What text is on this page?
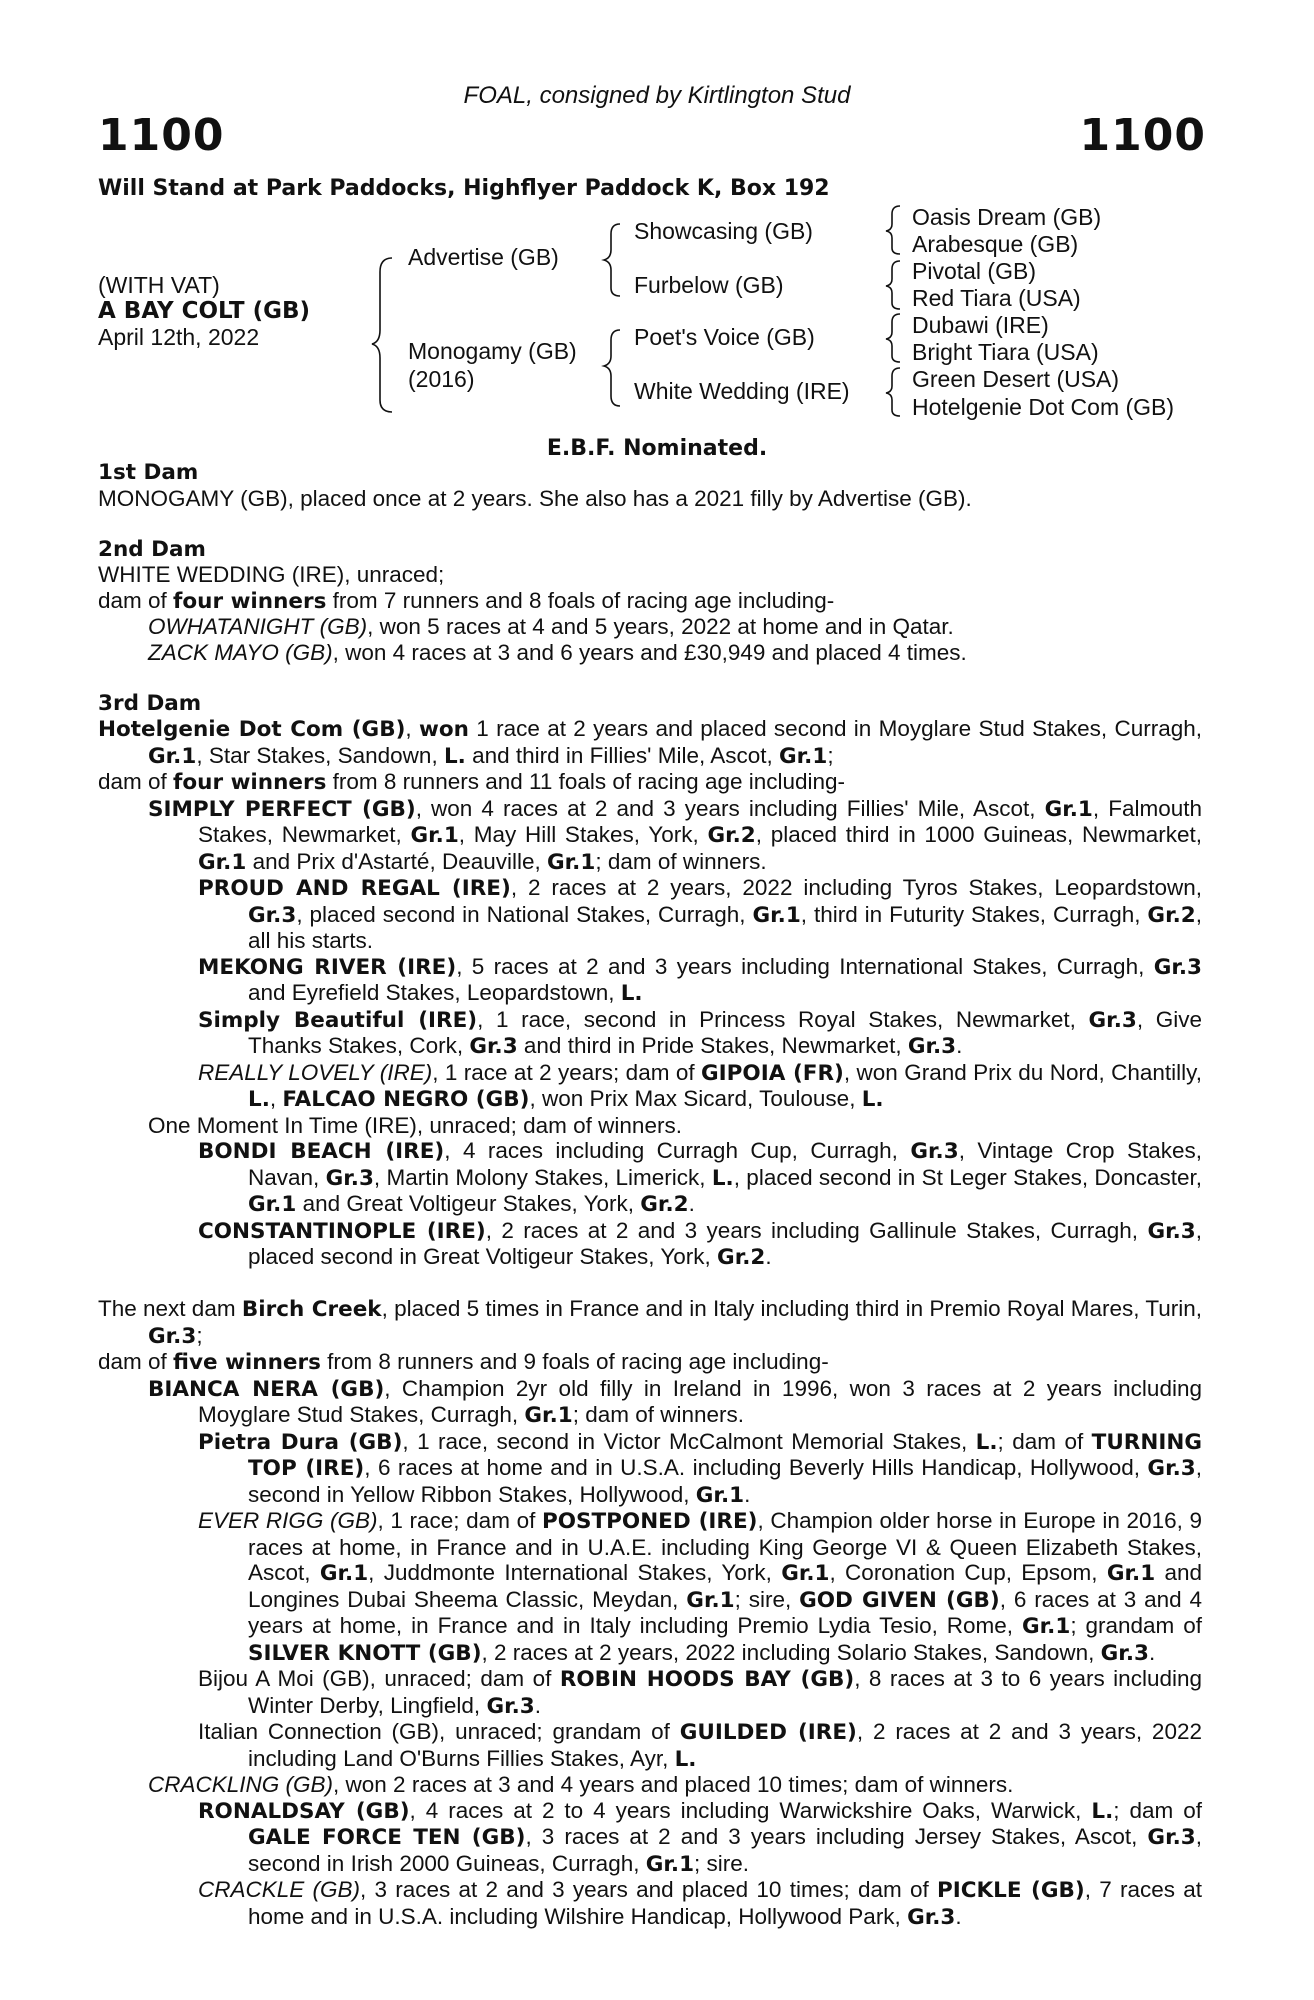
FOAL, consigned by Kirtlington Stud
1100	1100
Will Stand at Park Paddocks, Highflyer Paddock K, Box 192
(WITH VAT)
A BAY COLT (GB)
April 12th, 2022
Advertise (GB)
Monogamy (GB)
(2016)
Showcasing (GB)
Furbelow (GB)
Poet's Voice (GB)
White Wedding (IRE)
Oasis Dream (GB)
Arabesque (GB)
Pivotal (GB)
Red Tiara (USA)
Dubawi (IRE)
Bright Tiara (USA)
Green Desert (USA)
Hotelgenie Dot Com (GB)
E.B.F. Nominated.
1st Dam

MONOGAMY (GB), placed once at 2 years. She also has a 2021 filly by Advertise (GB).

2nd Dam

WHITE WEDDING (IRE), unraced;

dam of four winners from 7 runners and 8 foals of racing age including-

OWHATANIGHT (GB), won 5 races at 4 and 5 years, 2022 at home and in Qatar.

ZACK MAYO (GB), won 4 races at 3 and 6 years and £30,949 and placed 4 times.

3rd Dam

Hotelgenie Dot Com (GB), won 1 race at 2 years and placed second in Moyglare Stud Stakes, Curragh, Gr.1, Star Stakes, Sandown, L. and third in Fillies' Mile, Ascot, Gr.1;

dam of four winners from 8 runners and 11 foals of racing age including-

SIMPLY PERFECT (GB), won 4 races at 2 and 3 years including Fillies' Mile, Ascot, Gr.1, Falmouth Stakes, Newmarket, Gr.1, May Hill Stakes, York, Gr.2, placed third in 1000 Guineas, Newmarket, Gr.1 and Prix d'Astarté, Deauville, Gr.1; dam of winners.

PROUD AND REGAL (IRE), 2 races at 2 years, 2022 including Tyros Stakes, Leopardstown, Gr.3, placed second in National Stakes, Curragh, Gr.1, third in Futurity Stakes, Curragh, Gr.2, all his starts.

MEKONG RIVER (IRE), 5 races at 2 and 3 years including International Stakes, Curragh, Gr.3 and Eyrefield Stakes, Leopardstown, L.

Simply Beautiful (IRE), 1 race, second in Princess Royal Stakes, Newmarket, Gr.3, Give Thanks Stakes, Cork, Gr.3 and third in Pride Stakes, Newmarket, Gr.3.

REALLY LOVELY (IRE), 1 race at 2 years; dam of GIPOIA (FR), won Grand Prix du Nord, Chantilly, L., FALCAO NEGRO (GB), won Prix Max Sicard, Toulouse, L.

One Moment In Time (IRE), unraced; dam of winners.

BONDI BEACH (IRE), 4 races including Curragh Cup, Curragh, Gr.3, Vintage Crop Stakes, Navan, Gr.3, Martin Molony Stakes, Limerick, L., placed second in St Leger Stakes, Doncaster, Gr.1 and Great Voltigeur Stakes, York, Gr.2.

CONSTANTINOPLE (IRE), 2 races at 2 and 3 years including Gallinule Stakes, Curragh, Gr.3, placed second in Great Voltigeur Stakes, York, Gr.2.

The next dam Birch Creek, placed 5 times in France and in Italy including third in Premio Royal Mares, Turin, Gr.3;

dam of five winners from 8 runners and 9 foals of racing age including-

BIANCA NERA (GB), Champion 2yr old filly in Ireland in 1996, won 3 races at 2 years including Moyglare Stud Stakes, Curragh, Gr.1; dam of winners.

Pietra Dura (GB), 1 race, second in Victor McCalmont Memorial Stakes, L.; dam of TURNING TOP (IRE), 6 races at home and in U.S.A. including Beverly Hills Handicap, Hollywood, Gr.3, second in Yellow Ribbon Stakes, Hollywood, Gr.1.

EVER RIGG (GB), 1 race; dam of POSTPONED (IRE), Champion older horse in Europe in 2016, 9 races at home, in France and in U.A.E. including King George VI & Queen Elizabeth Stakes, Ascot, Gr.1, Juddmonte International Stakes, York, Gr.1, Coronation Cup, Epsom, Gr.1 and Longines Dubai Sheema Classic, Meydan, Gr.1; sire, GOD GIVEN (GB), 6 races at 3 and 4 years at home, in France and in Italy including Premio Lydia Tesio, Rome, Gr.1; grandam of SILVER KNOTT (GB), 2 races at 2 years, 2022 including Solario Stakes, Sandown, Gr.3.

Bijou A Moi (GB), unraced; dam of ROBIN HOODS BAY (GB), 8 races at 3 to 6 years including Winter Derby, Lingfield, Gr.3.

Italian Connection (GB), unraced; grandam of GUILDED (IRE), 2 races at 2 and 3 years, 2022 including Land O'Burns Fillies Stakes, Ayr, L.

CRACKLING (GB), won 2 races at 3 and 4 years and placed 10 times; dam of winners.

RONALDSAY (GB), 4 races at 2 to 4 years including Warwickshire Oaks, Warwick, L.; dam of GALE FORCE TEN (GB), 3 races at 2 and 3 years including Jersey Stakes, Ascot, Gr.3, second in Irish 2000 Guineas, Curragh, Gr.1; sire.

CRACKLE (GB), 3 races at 2 and 3 years and placed 10 times; dam of PICKLE (GB), 7 races at home and in U.S.A. including Wilshire Handicap, Hollywood Park, Gr.3.
